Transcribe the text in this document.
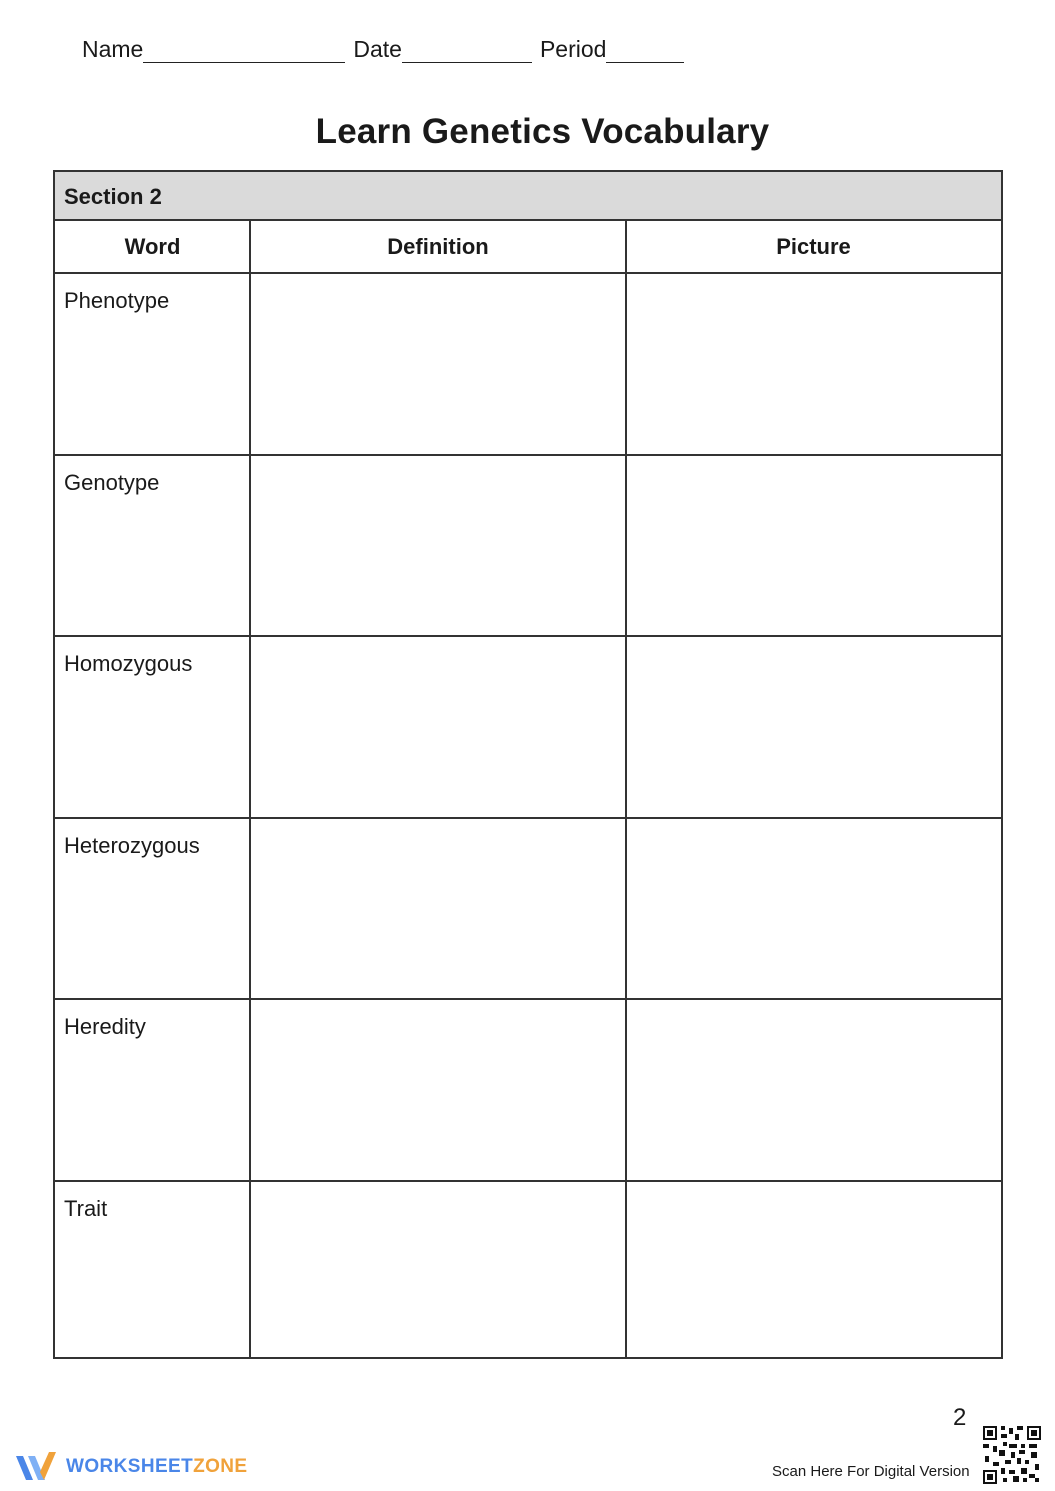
Name	Date	Period
Learn Genetics Vocabulary
Section 2
Word	Definition	Picture
Phenotype
Genotype
Homozygous
Heterozygous
Heredity
Trait
2
WORKSHEETZONE	Scan Here For Digital Version
